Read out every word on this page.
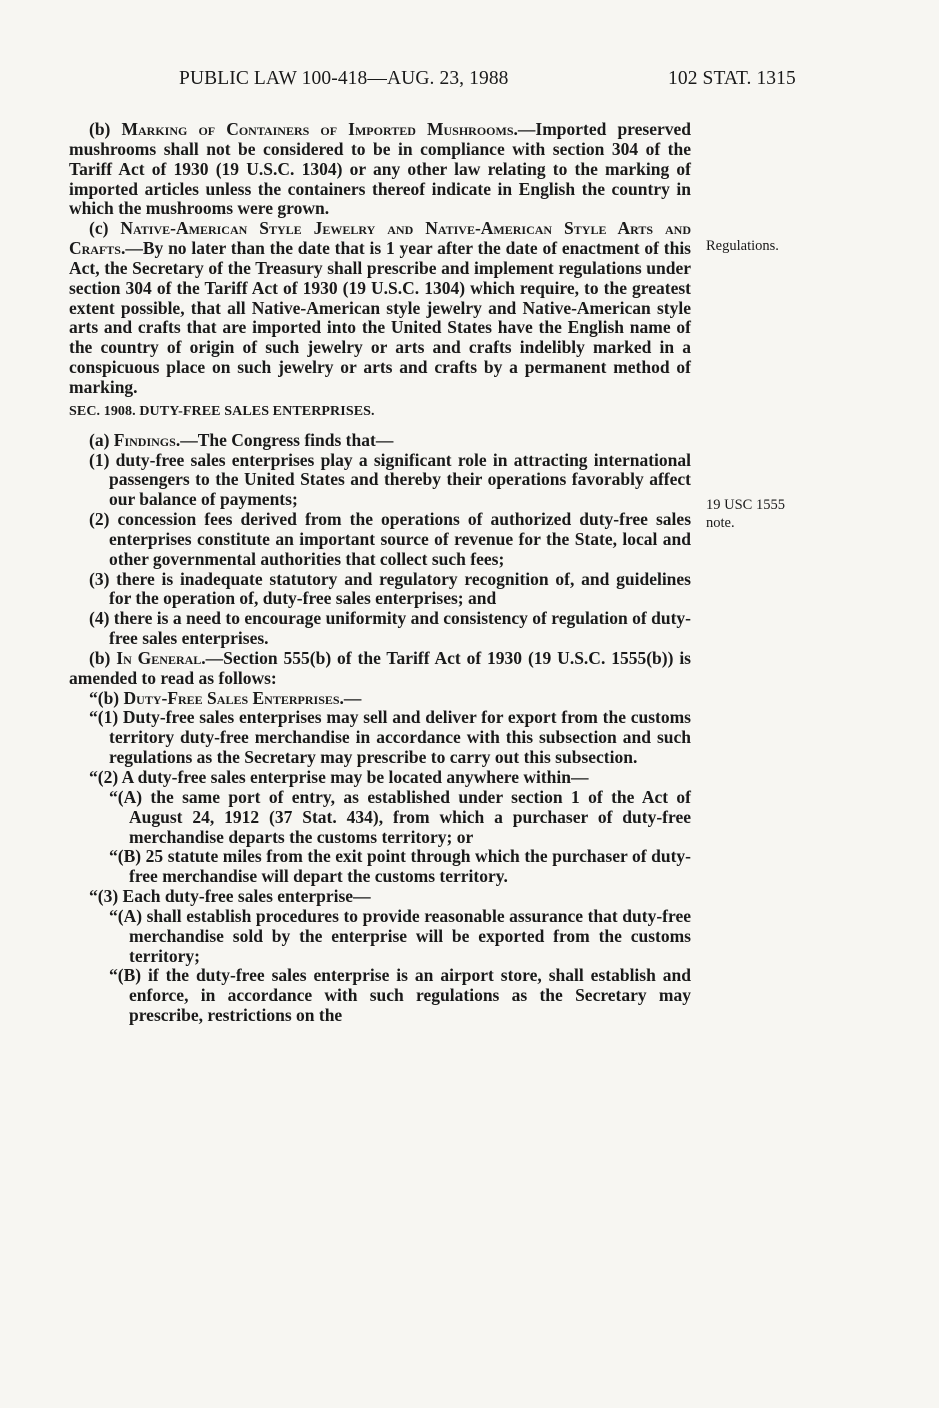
PUBLIC LAW 100-418—AUG. 23, 1988	102 STAT. 1315
Regulations.
19 USC 1555
note.

(b) Marking of Containers of Imported Mushrooms.—Imported preserved mushrooms shall not be considered to be in compliance with section 304 of the Tariff Act of 1930 (19 U.S.C. 1304) or any other law relating to the marking of imported articles unless the containers thereof indicate in English the country in which the mushrooms were grown.

(c) Native-American Style Jewelry and Native-American Style Arts and Crafts.—By no later than the date that is 1 year after the date of enactment of this Act, the Secretary of the Treasury shall prescribe and implement regulations under section 304 of the Tariff Act of 1930 (19 U.S.C. 1304) which require, to the greatest extent possible, that all Native-American style jewelry and Native-American style arts and crafts that are imported into the United States have the English name of the country of origin of such jewelry or arts and crafts indelibly marked in a conspicuous place on such jewelry or arts and crafts by a permanent method of marking.

SEC. 1908. DUTY-FREE SALES ENTERPRISES.

(a) Findings.—The Congress finds that—

(1) duty-free sales enterprises play a significant role in attracting international passengers to the United States and thereby their operations favorably affect our balance of payments;

(2) concession fees derived from the operations of authorized duty-free sales enterprises constitute an important source of revenue for the State, local and other governmental authorities that collect such fees;

(3) there is inadequate statutory and regulatory recognition of, and guidelines for the operation of, duty-free sales enterprises; and

(4) there is a need to encourage uniformity and consistency of regulation of duty-free sales enterprises.

(b) In General.—Section 555(b) of the Tariff Act of 1930 (19 U.S.C. 1555(b)) is amended to read as follows:

“(b) Duty-Free Sales Enterprises.—

“(1) Duty-free sales enterprises may sell and deliver for export from the customs territory duty-free merchandise in accordance with this subsection and such regulations as the Secretary may prescribe to carry out this subsection.

“(2) A duty-free sales enterprise may be located anywhere within—

“(A) the same port of entry, as established under section 1 of the Act of August 24, 1912 (37 Stat. 434), from which a purchaser of duty-free merchandise departs the customs territory; or

“(B) 25 statute miles from the exit point through which the purchaser of duty-free merchandise will depart the customs territory.

“(3) Each duty-free sales enterprise—

“(A) shall establish procedures to provide reasonable assurance that duty-free merchandise sold by the enterprise will be exported from the customs territory;

“(B) if the duty-free sales enterprise is an airport store, shall establish and enforce, in accordance with such regulations as the Secretary may prescribe, restrictions on the
